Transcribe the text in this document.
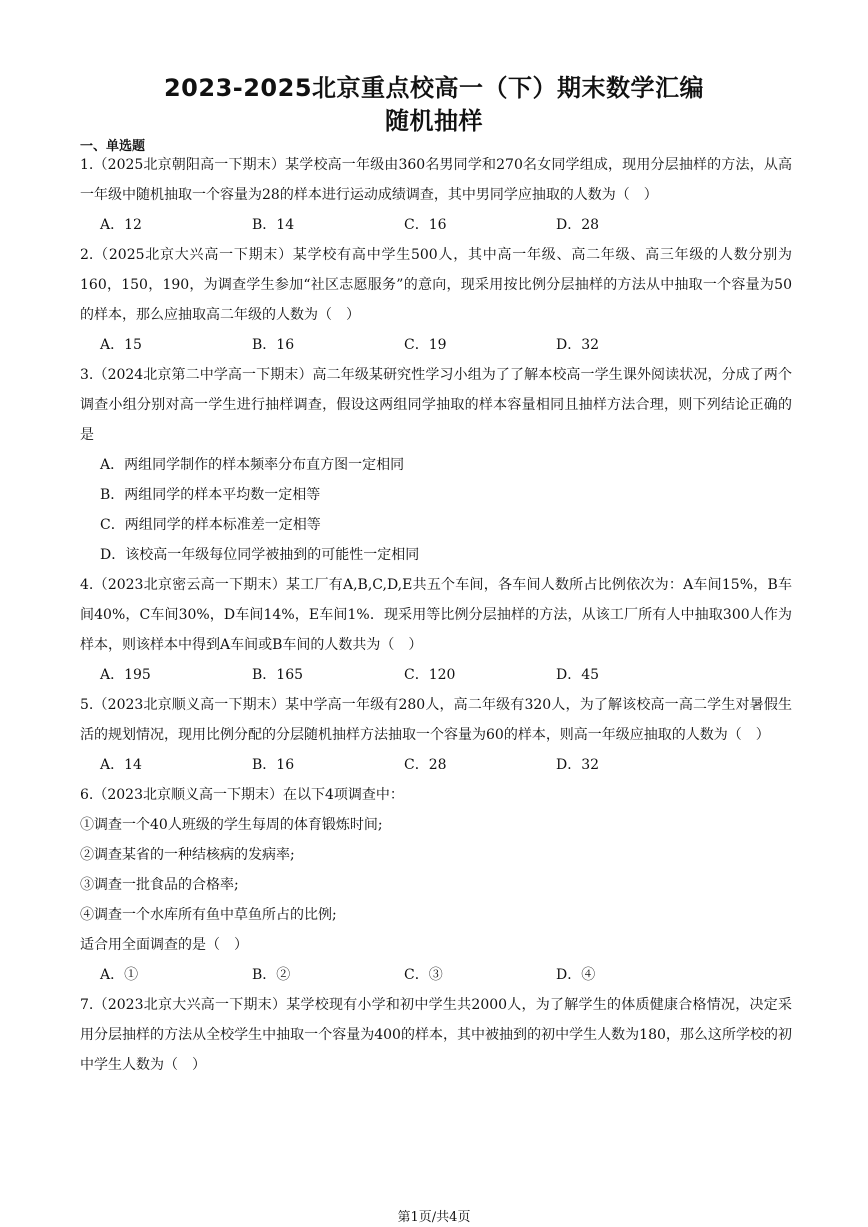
2023-2025北京重点校高一（下）期末数学汇编
随机抽样
一、单选题

1.（2025北京朝阳高一下期末）某学校高一年级由360名男同学和270名女同学组成，现用分层抽样的方法，从高一年级中随机抽取一个容量为28的样本进行运动成绩调查，其中男同学应抽取的人数为（　）

A．12	B．14	C．16	D．28

2.（2025北京大兴高一下期末）某学校有高中学生500人，其中高一年级、高二年级、高三年级的人数分别为160，150，190，为调查学生参加“社区志愿服务”的意向，现采用按比例分层抽样的方法从中抽取一个容量为50的样本，那么应抽取高二年级的人数为（　）

A．15	B．16	C．19	D．32

3.（2024北京第二中学高一下期末）高二年级某研究性学习小组为了了解本校高一学生课外阅读状况，分成了两个调查小组分别对高一学生进行抽样调查，假设这两组同学抽取的样本容量相同且抽样方法合理，则下列结论正确的是

A．两组同学制作的样本频率分布直方图一定相同

B．两组同学的样本平均数一定相等

C．两组同学的样本标准差一定相等

D．该校高一年级每位同学被抽到的可能性一定相同

4.（2023北京密云高一下期末）某工厂有A,B,C,D,E共五个车间，各车间人数所占比例依次为：A车间15%，B车间40%，C车间30%，D车间14%，E车间1%．现采用等比例分层抽样的方法，从该工厂所有人中抽取300人作为样本，则该样本中得到A车间或B车间的人数共为（　）

A．195	B．165	C．120	D．45

5.（2023北京顺义高一下期末）某中学高一年级有280人，高二年级有320人，为了解该校高一高二学生对暑假生活的规划情况，现用比例分配的分层随机抽样方法抽取一个容量为60的样本，则高一年级应抽取的人数为（　）

A．14	B．16	C．28	D．32

6.（2023北京顺义高一下期末）在以下4项调查中：

①调查一个40人班级的学生每周的体育锻炼时间;

②调查某省的一种结核病的发病率;

③调查一批食品的合格率;

④调查一个水库所有鱼中草鱼所占的比例;

适合用全面调查的是（　）

A．①	B．②	C．③	D．④

7.（2023北京大兴高一下期末）某学校现有小学和初中学生共2000人，为了解学生的体质健康合格情况，决定采用分层抽样的方法从全校学生中抽取一个容量为400的样本，其中被抽到的初中学生人数为180，那么这所学校的初中学生人数为（　）

第1页/共4页
